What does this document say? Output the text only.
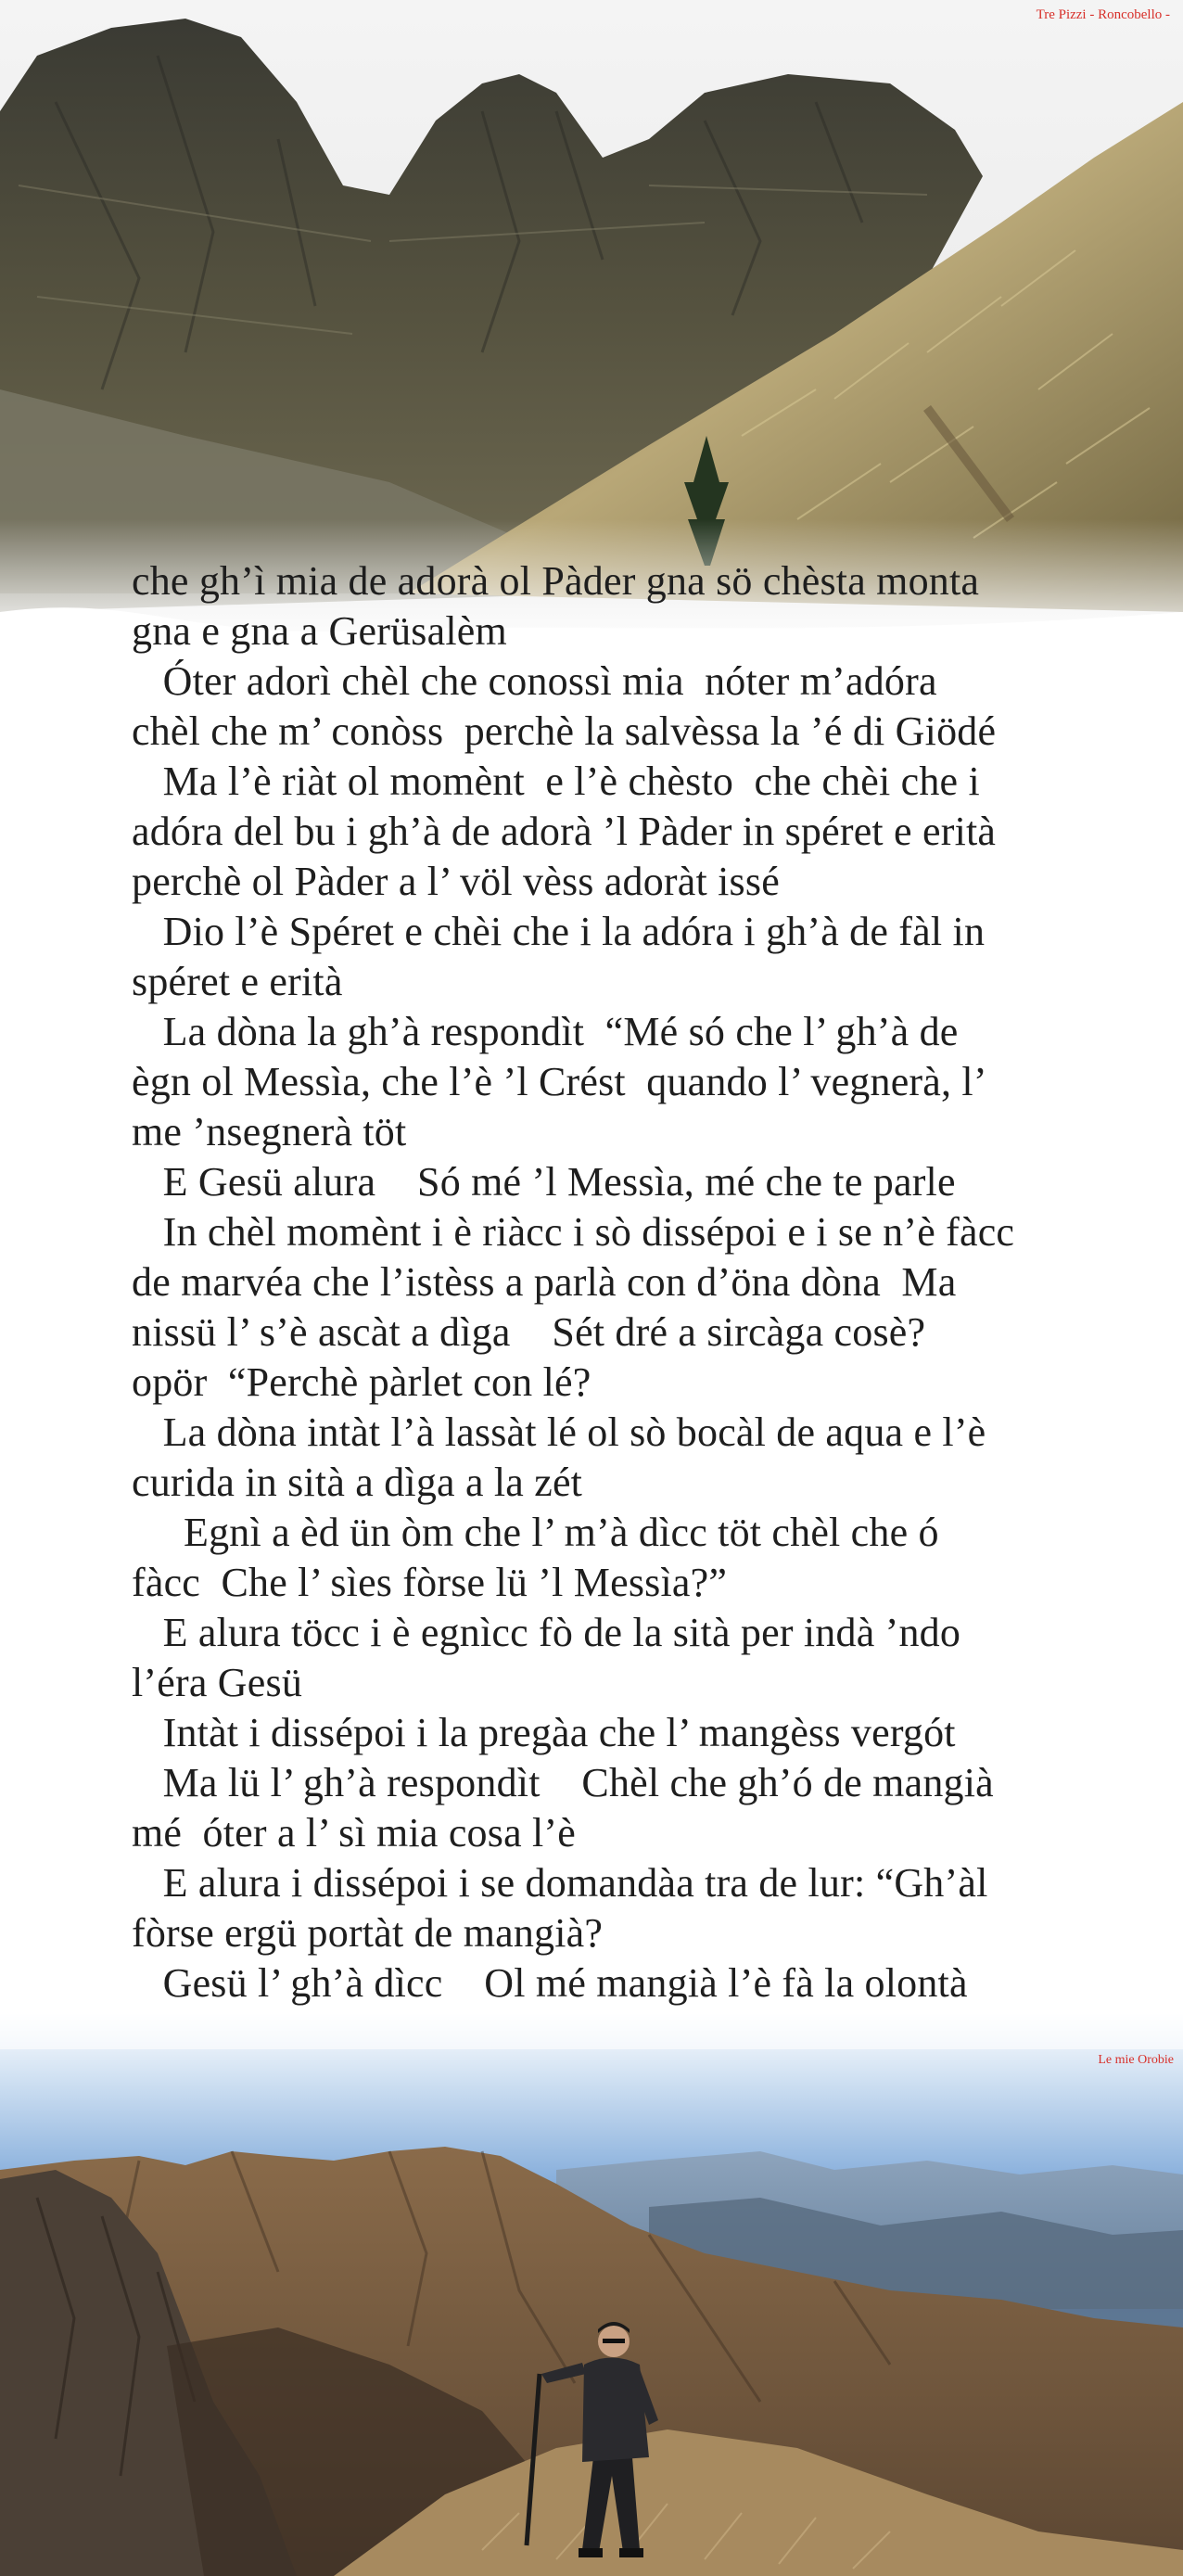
Tre Pizzi - Roncobello -
che gh’ì mia de adorà ol Pàder gna sö chèsta monta
gna e gna a Gerüsalèm
Óter adorì chèl che conossì mia  nóter m’adóra
chèl che m’ conòss  perchè la salvèssa la ’é di Giödé
Ma l’è riàt ol momènt  e l’è chèsto  che chèi che i
adóra del bu i gh’à de adorà ’l Pàder in spéret e erità
perchè ol Pàder a l’ völ vèss adoràt issé
Dio l’è Spéret e chèi che i la adóra i gh’à de fàl in
spéret e erità
La dòna la gh’à respondìt  “Mé só che l’ gh’à de
ègn ol Messìa, che l’è ’l Crést  quando l’ vegnerà, l’
me ’nsegnerà töt
E Gesü alura    Só mé ’l Messìa, mé che te parle
In chèl momènt i è riàcc i sò dissépoi e i se n’è fàcc
de marvéa che l’istèss a parlà con d’öna dòna  Ma
nissü l’ s’è ascàt a dìga    Sét dré a sircàga cosè?
opör  “Perchè pàrlet con lé?
La dòna intàt l’à lassàt lé ol sò bocàl de aqua e l’è
curida in sità a dìga a la zét
Egnì a èd ün òm che l’ m’à dìcc töt chèl che ó
fàcc  Che l’ sìes fòrse lü ’l Messìa?”
E alura töcc i è egnìcc fò de la sità per indà ’ndo
l’éra Gesü
Intàt i dissépoi i la pregàa che l’ mangèss vergót
Ma lü l’ gh’à respondìt    Chèl che gh’ó de mangià
mé  óter a l’ sì mia cosa l’è
E alura i dissépoi i se domandàa tra de lur: “Gh’àl
fòrse ergü portàt de mangià?
Gesü l’ gh’à dìcc    Ol mé mangià l’è fà la olontà
Le mie Orobie
